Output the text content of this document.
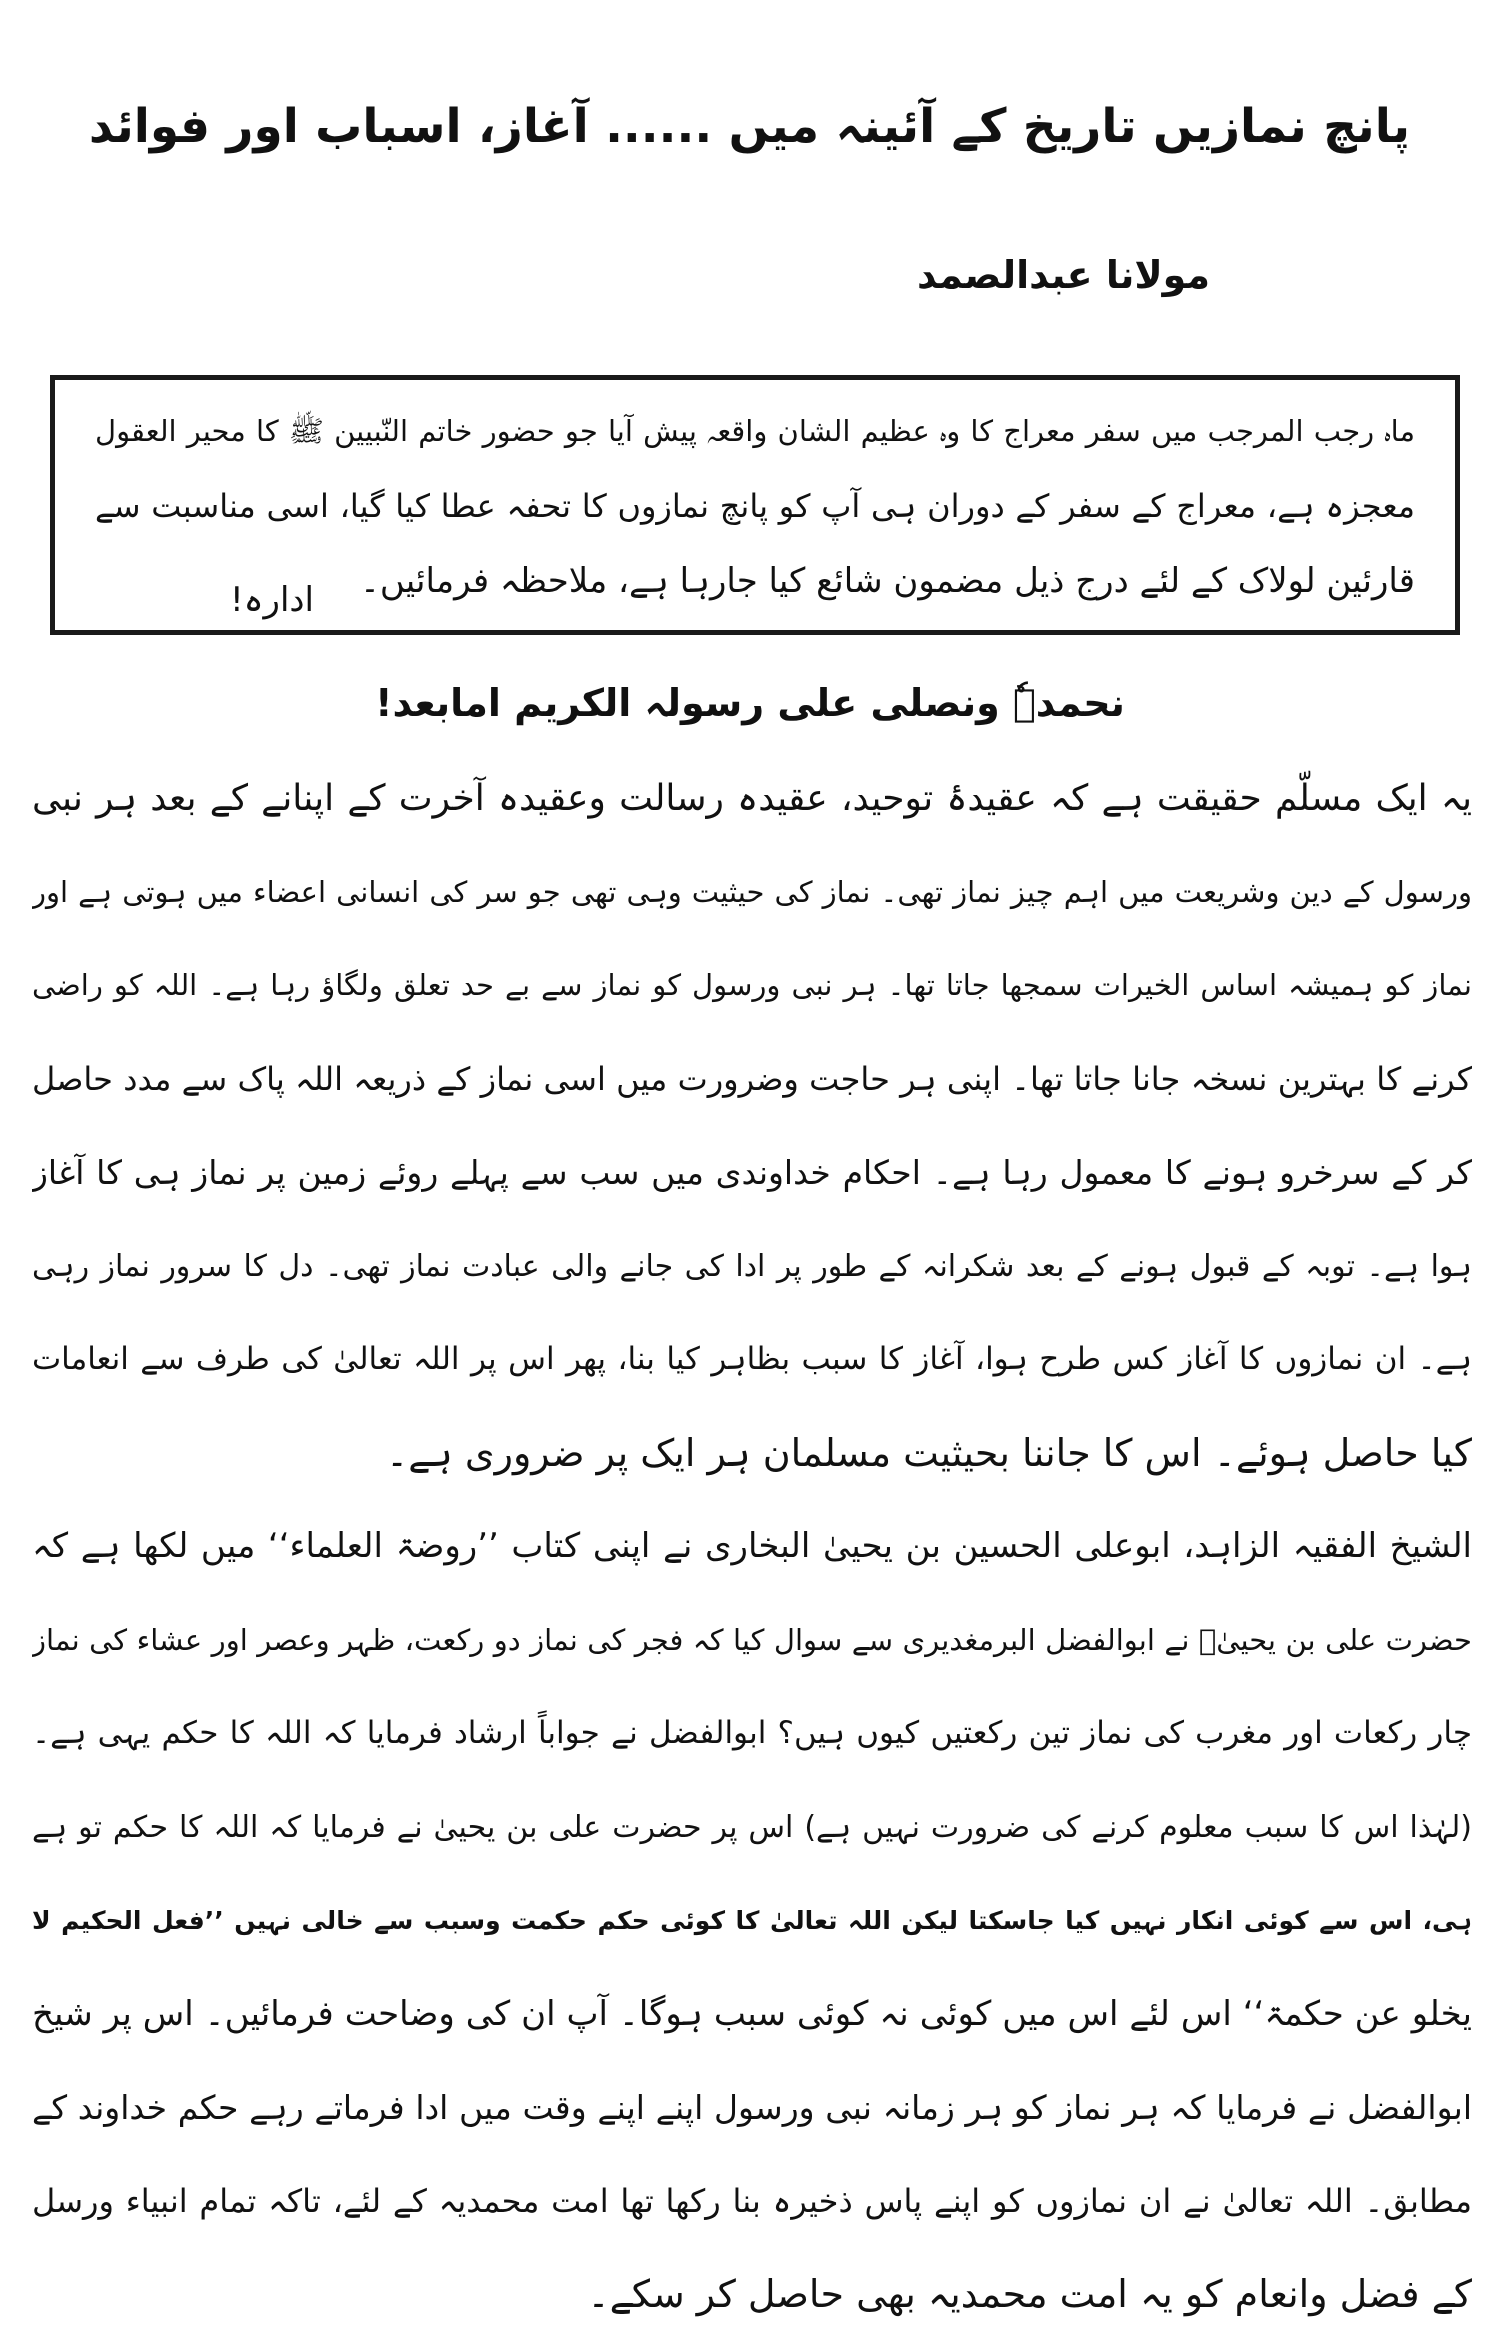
پانچ نمازیں تاریخ کے آئینہ میں ...... آغاز، اسباب اور فوائد
مولانا عبدالصمد
ماہ رجب المرجب میں سفر معراج کا وہ عظیم الشان واقعہ پیش آیا جو حضور خاتم النّبیین ﷺ کا محیر العقول
معجزہ ہے، معراج کے سفر کے دوران ہی آپ کو پانچ نمازوں کا تحفہ عطا کیا گیا، اسی مناسبت سے
قارئین لولاک کے لئے درج ذیل مضمون شائع کیا جارہا ہے، ملاحظہ فرمائیں۔
ادارہ!
نحمدہٗ ونصلی علی رسولہ الکریم امابعد!
یہ ایک مسلّم حقیقت ہے کہ عقیدۂ توحید، عقیدہ رسالت وعقیدہ آخرت کے اپنانے کے بعد ہر نبی
ورسول کے دین وشریعت میں اہم چیز نماز تھی۔ نماز کی حیثیت وہی تھی جو سر کی انسانی اعضاء میں ہوتی ہے اور
نماز کو ہمیشہ اساس الخیرات سمجھا جاتا تھا۔ ہر نبی ورسول کو نماز سے بے حد تعلق ولگاؤ رہا ہے۔ اللہ کو راضی
کرنے کا بہترین نسخہ جانا جاتا تھا۔ اپنی ہر حاجت وضرورت میں اسی نماز کے ذریعہ اللہ پاک سے مدد حاصل
کر کے سرخرو ہونے کا معمول رہا ہے۔ احکام خداوندی میں سب سے پہلے روئے زمین پر نماز ہی کا آغاز
ہوا ہے۔ توبہ کے قبول ہونے کے بعد شکرانہ کے طور پر ادا کی جانے والی عبادت نماز تھی۔ دل کا سرور نماز رہی
ہے۔ ان نمازوں کا آغاز کس طرح ہوا، آغاز کا سبب بظاہر کیا بنا، پھر اس پر اللہ تعالیٰ کی طرف سے انعامات
کیا حاصل ہوئے۔ اس کا جاننا بحیثیت مسلمان ہر ایک پر ضروری ہے۔
الشیخ الفقیہ الزاہد، ابوعلی الحسین بن یحییٰ البخاری نے اپنی کتاب ’’روضۃ العلماء‘‘ میں لکھا ہے کہ
حضرت علی بن یحییٰؒ نے ابوالفضل البرمغدیری سے سوال کیا کہ فجر کی نماز دو رکعت، ظہر وعصر اور عشاء کی نماز
چار رکعات اور مغرب کی نماز تین رکعتیں کیوں ہیں؟ ابوالفضل نے جواباً ارشاد فرمایا کہ اللہ کا حکم یہی ہے۔
(لہٰذا اس کا سبب معلوم کرنے کی ضرورت نہیں ہے) اس پر حضرت علی بن یحییٰ نے فرمایا کہ اللہ کا حکم تو ہے
ہی، اس سے کوئی انکار نہیں کیا جاسکتا لیکن اللہ تعالیٰ کا کوئی حکم حکمت وسبب سے خالی نہیں ’’فعل الحکیم لا
یخلو عن حکمۃ‘‘ اس لئے اس میں کوئی نہ کوئی سبب ہوگا۔ آپ ان کی وضاحت فرمائیں۔ اس پر شیخ
ابوالفضل نے فرمایا کہ ہر نماز کو ہر زمانہ نبی ورسول اپنے اپنے وقت میں ادا فرماتے رہے حکم خداوند کے
مطابق۔ اللہ تعالیٰ نے ان نمازوں کو اپنے پاس ذخیرہ بنا رکھا تھا امت محمدیہ کے لئے، تاکہ تمام انبیاء ورسل
کے فضل وانعام کو یہ امت محمدیہ بھی حاصل کر سکے۔
